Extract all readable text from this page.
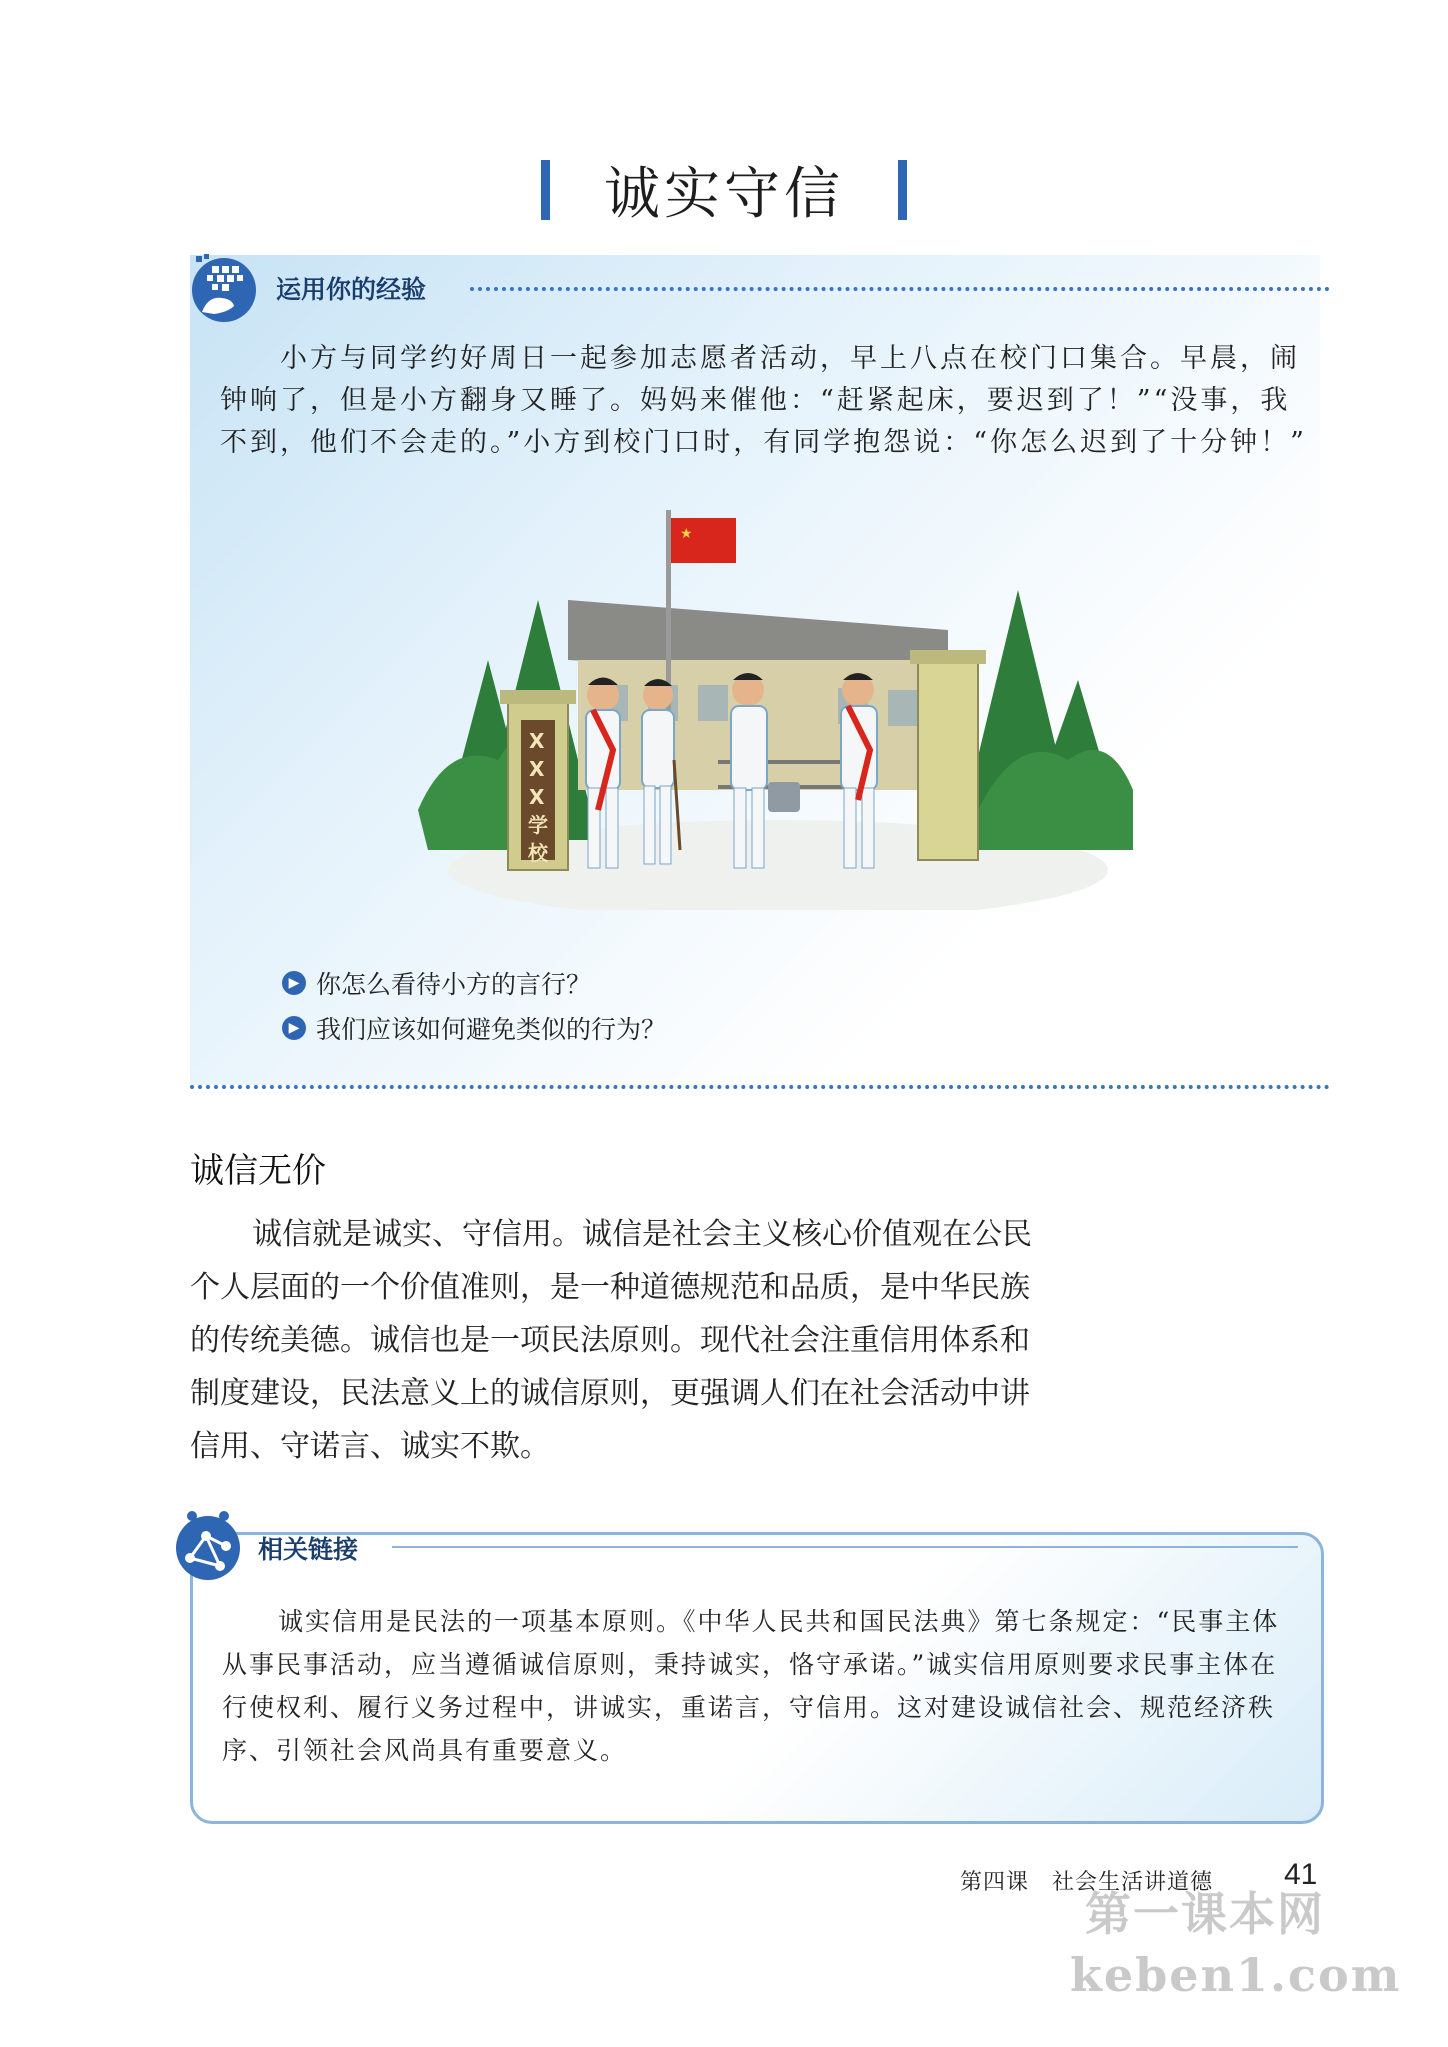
诚实守信
运用你的经验

小方与同学约好周日一起参加志愿者活动，早上八点在校门口集合。早晨，闹钟响了，但是小方翻身又睡了。妈妈来催他：“赶紧起床，要迟到了！”“没事，我不到，他们不会走的。”小方到校门口时，有同学抱怨说：“你怎么迟到了十分钟！”

★
X
X
X
学
校
▶ 你怎么看待小方的言行？
▶ 我们应该如何避免类似的行为？
诚信无价

诚信就是诚实、守信用。诚信是社会主义核心价值观在公民个人层面的一个价值准则，是一种道德规范和品质，是中华民族的传统美德。诚信也是一项民法原则。现代社会注重信用体系和制度建设，民法意义上的诚信原则，更强调人们在社会活动中讲信用、守诺言、诚实不欺。

相关链接

诚实信用是民法的一项基本原则。《中华人民共和国民法典》第七条规定：“民事主体从事民事活动，应当遵循诚信原则，秉持诚实，恪守承诺。”诚实信用原则要求民事主体在行使权利、履行义务过程中，讲诚实，重诺言，守信用。这对建设诚信社会、规范经济秩序、引领社会风尚具有重要意义。

第四课　社会生活讲道德 41
第一课本网
keben1.com
